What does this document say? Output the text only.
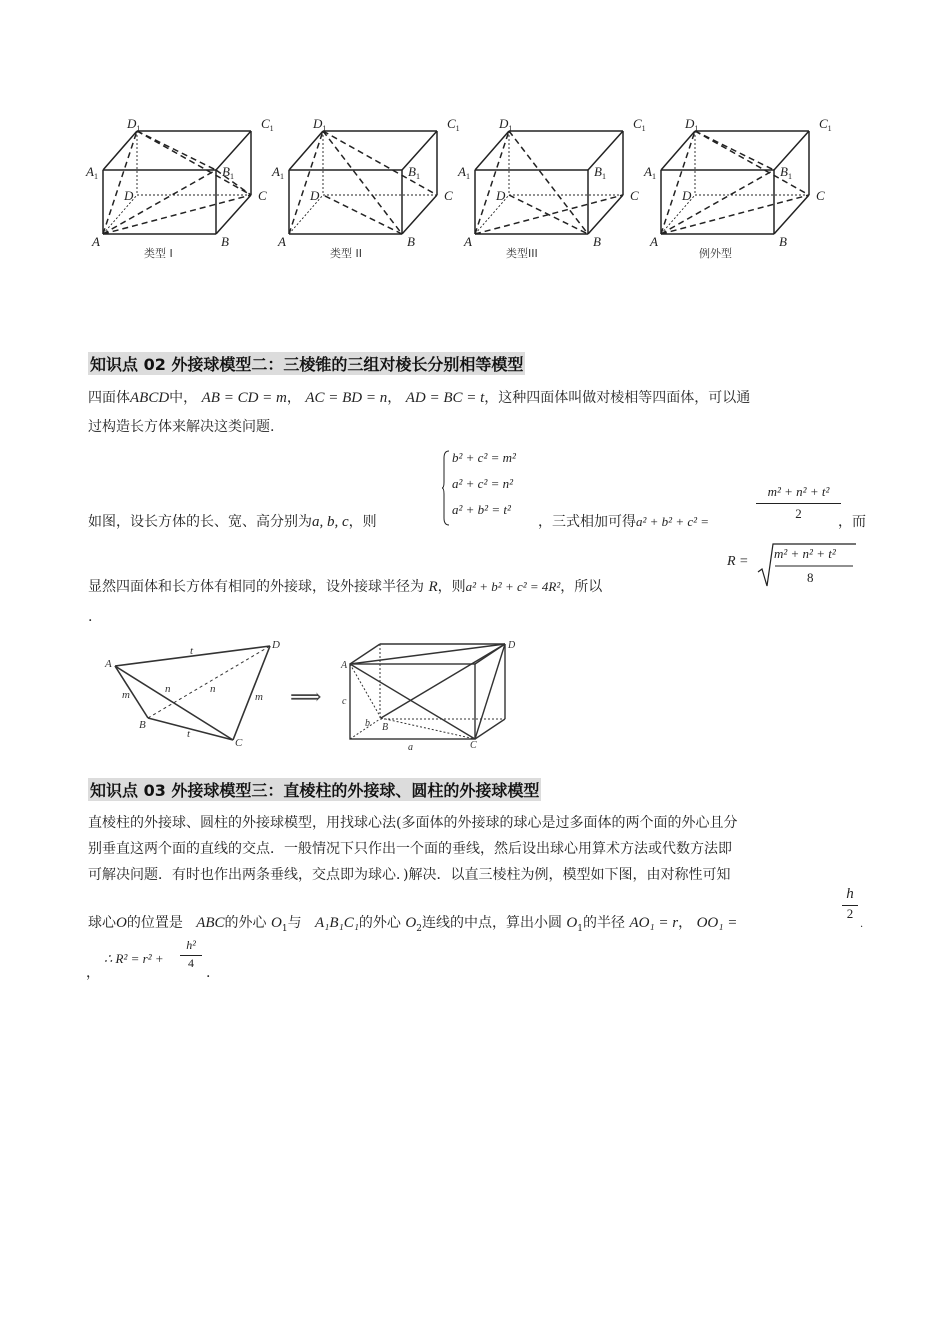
$D_1$	$C_1$
$A_1$	$B_1$
D	C
A	B
$D_1$	$C_1$
$A_1$	$B_1$
D	C
A	B
$D_1$	$C_1$
$A_1$	$B_1$
D	C
A	B
$D_1$	$C_1$
$A_1$	$B_1$
D	C
A	B
类型 I	类型 II	类型III	例外型
知识点 02 外接球模型二：三棱锥的三组对棱长分别相等模型
四面体ABCD中， AB = CD = m， AC = BD = n， AD = BC = t，这种四面体叫做对棱相等四面体，可以通
过构造长方体来解决这类问题.
b² + c² = m²
a² + c² = n²
a² + b² = t²
如图，设长方体的长、宽、高分别为a, b, c，则	，三式相加可得a² + b² + c² =	$\frac{\text{m² + n² + t²}}{2}$
，而
显然四面体和长方体有相同的外接球，设外接球半径为 R，则a² + b² + c² = 4R²，所以
R =
m² + n² + t²
8
.
A
D
B
C
t
m	n	n
m
t
⟹
A
D
B
C
c
b
a
知识点 03 外接球模型三：直棱柱的外接球、圆柱的外接球模型
直棱柱的外接球、圆柱的外接球模型，用找球心法(多面体的外接球的球心是过多面体的两个面的外心且分
别垂直这两个面的直线的交点．一般情况下只作出一个面的垂线，然后设出球心用算术方法或代数方法即
可解决问题．有时也作出两条垂线，交点即为球心．)解决．以直三棱柱为例，模型如下图，由对称性可知
球心O的位置是 ABC的外心 $O_1$与 A₁B₁C₁的外心 $O_2$连线的中点，算出小圆 $O_1$的半径 AO₁ = r， OO₁ =
$\frac{h}{2}$
.
，
∴ $R^2 = r^2 + \frac{\text{h²}}{4}$
.
